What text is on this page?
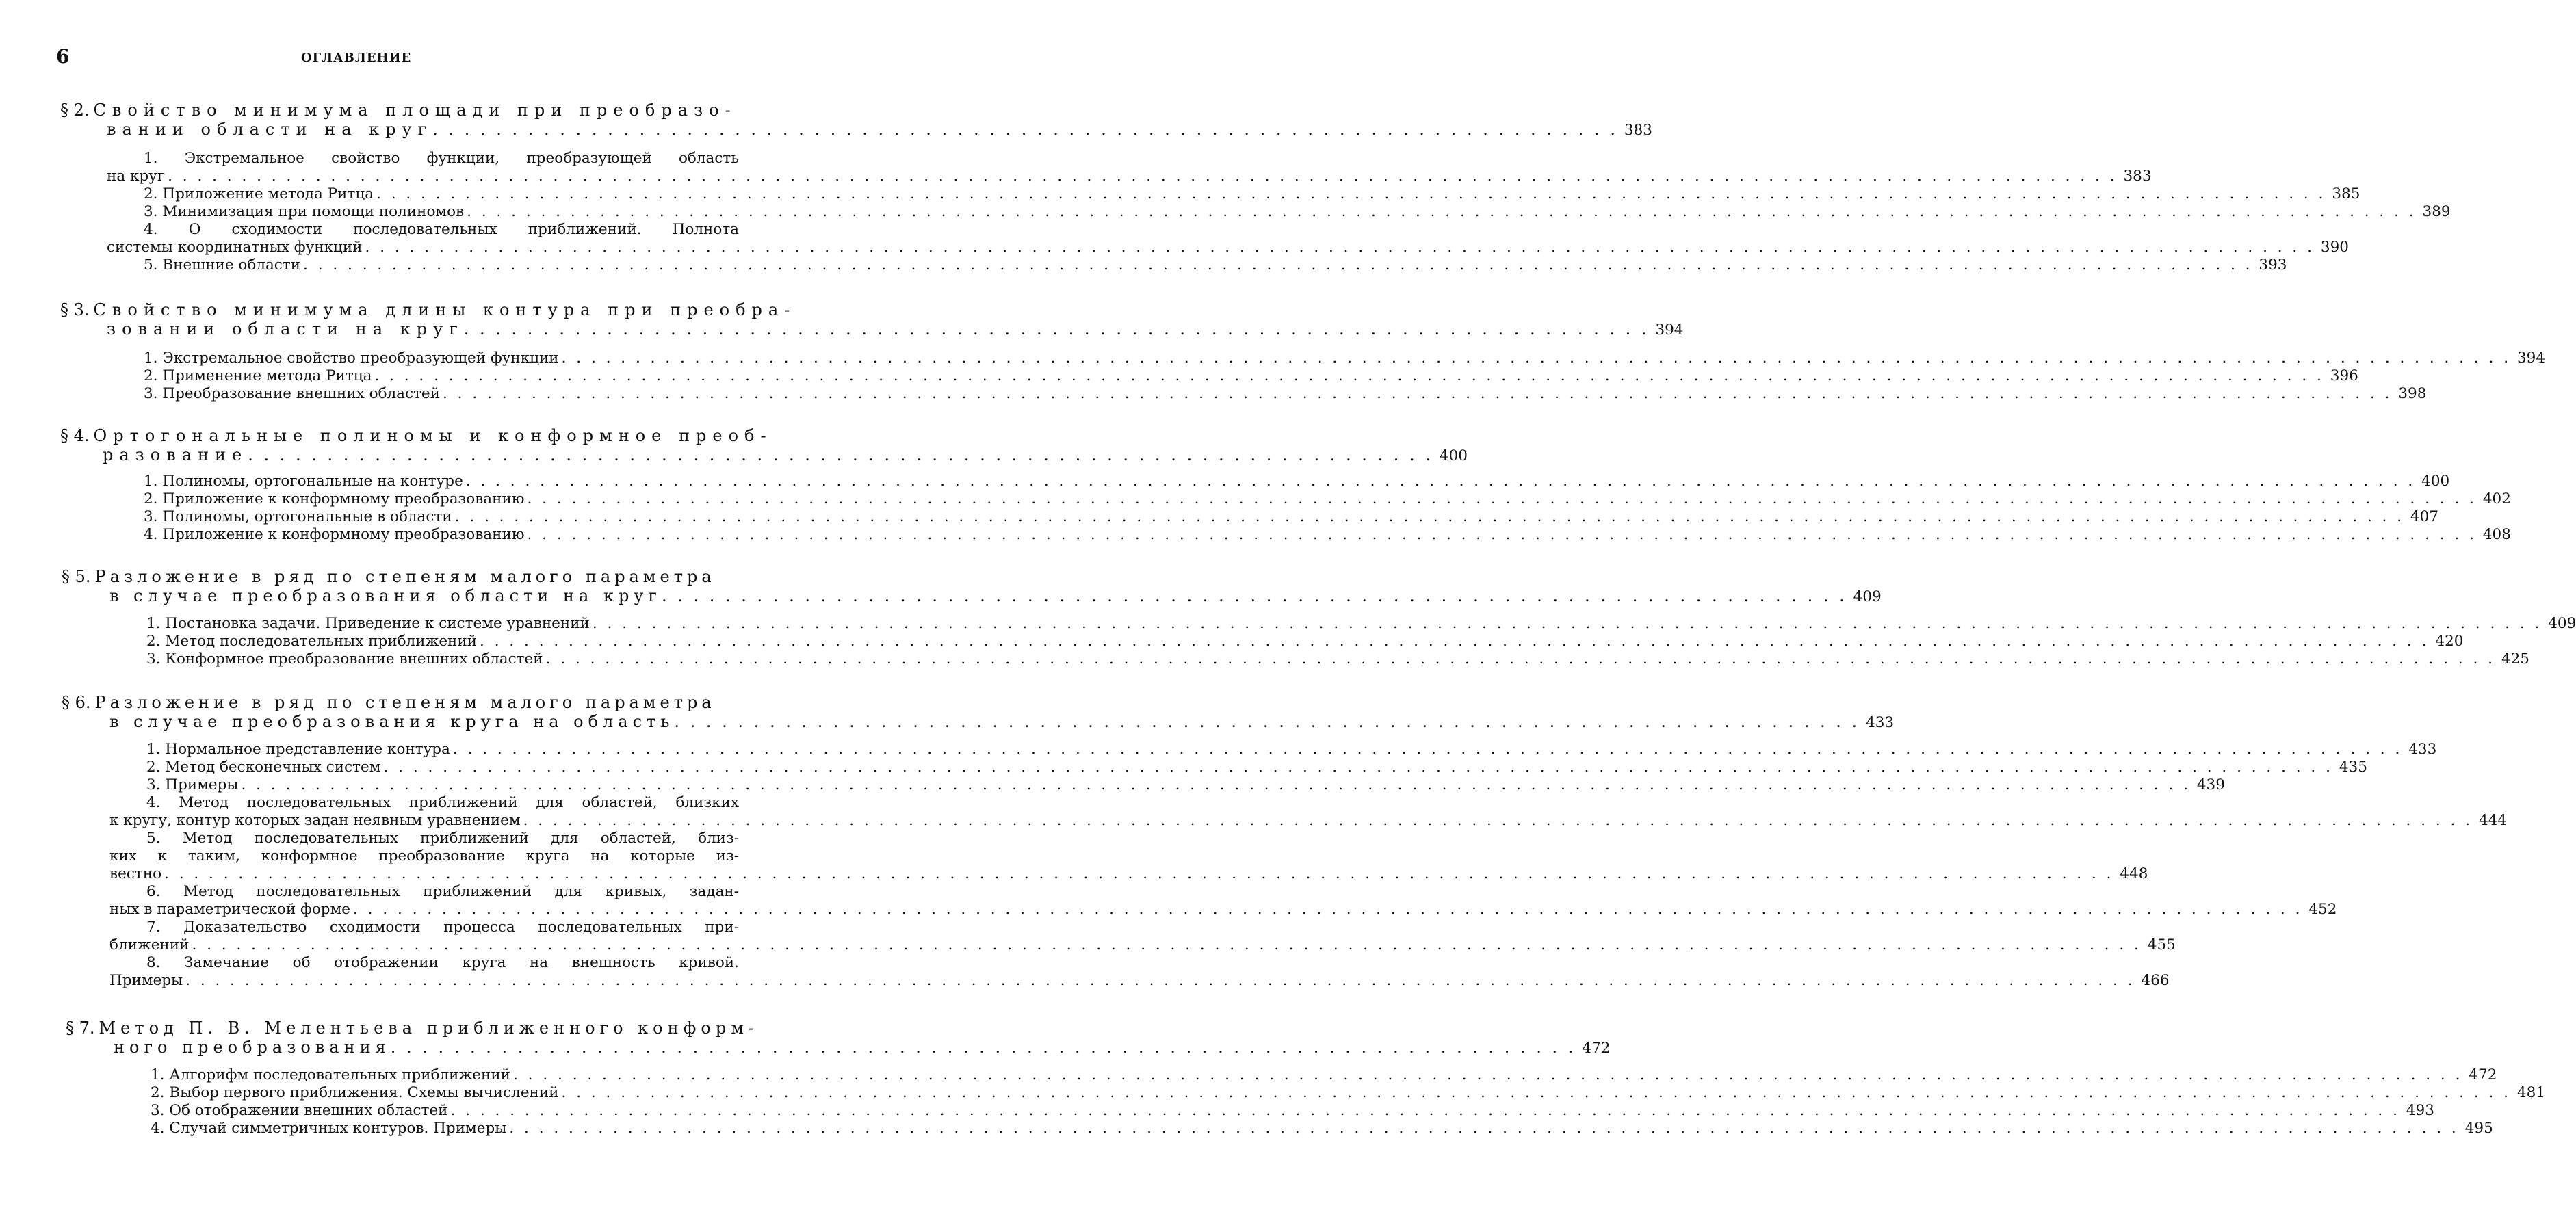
6	ОГЛАВЛЕНИЕ
§ 2. Свойство минимума площади при преобразо-
вании области на круг
. . .	383
1. Экстремальное свойство функции, преобразующей область
на круг
. . .	383
2. Приложение метода Ритца
. . .	385
3. Минимизация при помощи полиномов
. . .	389
4. О сходимости последовательных приближений. Полнота
системы координатных функций
. . .	390
5. Внешние области
. . .	393
§ 3. Свойство минимума длины контура при преобра-
зовании области на круг
. . .	394
1. Экстремальное свойство преобразующей функции
. . .	394
2. Применение метода Ритца
. . .	396
3. Преобразование внешних областей
. . .	398
§ 4. Ортогональные полиномы и конформное преоб-
разование
. . .	400
1. Полиномы, ортогональные на контуре
. . .	400
2. Приложение к конформному преобразованию
. . .	402
3. Полиномы, ортогональные в области
. . .	407
4. Приложение к конформному преобразованию
. . .	408
§ 5. Разложение в ряд по степеням малого параметра
в случае преобразования области на круг
. . .	409
1. Постановка задачи. Приведение к системе уравнений
. . .	409
2. Метод последовательных приближений
. . .	420
3. Конформное преобразование внешних областей
. . .	425
§ 6. Разложение в ряд по степеням малого параметра
в случае преобразования круга на область
. . .	433
1. Нормальное представление контура
. . .	433
2. Метод бесконечных систем
. . .	435
3. Примеры
. . .	439
4. Метод последовательных приближений для областей, близких
к кругу, контур которых задан неявным уравнением
. . .	444
5. Метод последовательных приближений для областей, близ-
ких к таким, конформное преобразование круга на которые из-
вестно
. . .	448
6. Метод последовательных приближений для кривых, задан-
ных в параметрической форме
. . .	452
7. Доказательство сходимости процесса последовательных при-
ближений
. . .	455
8. Замечание об отображении круга на внешность кривой.
Примеры
. . .	466
§ 7. Метод П. В. Мелентьева приближенного конформ-
ного преобразования
. . .	472
1. Алгорифм последовательных приближений
. . .	472
2. Выбор первого приближения. Схемы вычислений
. . .	481
3. Об отображении внешних областей
. . .	493
4. Случай симметричных контуров. Примеры
. . .	495
